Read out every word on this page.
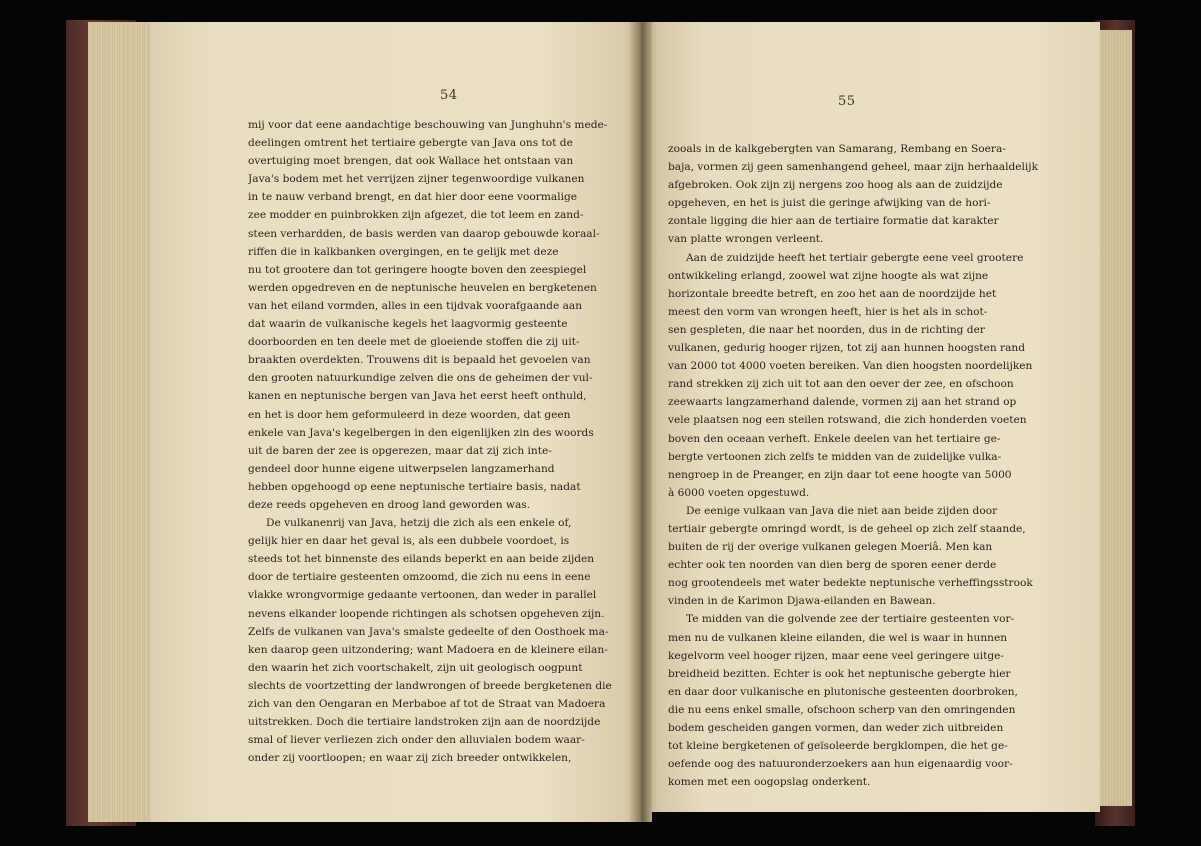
54
mij voor dat eene aandachtige beschouwing van Junghuhn's mede-
deelingen omtrent het tertiaire gebergte van Java ons tot de
overtuiging moet brengen, dat ook Wallace het ontstaan van
Java's bodem met het verrijzen zijner tegenwoordige vulkanen
in te nauw verband brengt, en dat hier door eene voormalige
zee modder en puinbrokken zijn afgezet, die tot leem en zand-
steen verhardden, de basis werden van daarop gebouwde koraal-
riffen die in kalkbanken overgingen, en te gelijk met deze
nu tot grootere dan tot geringere hoogte boven den zeespiegel
werden opgedreven en de neptunische heuvelen en bergketenen
van het eiland vormden, alles in een tijdvak voorafgaande aan
dat waarin de vulkanische kegels het laagvormig gesteente
doorboorden en ten deele met de gloeiende stoffen die zij uit-
braakten overdekten. Trouwens dit is bepaald het gevoelen van
den grooten natuurkundige zelven die ons de geheimen der vul-
kanen en neptunische bergen van Java het eerst heeft onthuld,
en het is door hem geformuleerd in deze woorden, dat geen
enkele van Java's kegelbergen in den eigenlijken zin des woords
uit de baren der zee is opgerezen, maar dat zij zich inte-
gendeel door hunne eigene uitwerpselen langzamerhand
hebben opgehoogd op eene neptunische tertiaire basis, nadat
deze reeds opgeheven en droog land geworden was.
De vulkanenrij van Java, hetzij die zich als een enkele of,
gelijk hier en daar het geval is, als een dubbele voordoet, is
steeds tot het binnenste des eilands beperkt en aan beide zijden
door de tertiaire gesteenten omzoomd, die zich nu eens in eene
vlakke wrongvormige gedaante vertoonen, dan weder in parallel
nevens elkander loopende richtingen als schotsen opgeheven zijn.
Zelfs de vulkanen van Java's smalste gedeelte of den Oosthoek ma-
ken daarop geen uitzondering; want Madoera en de kleinere eilan-
den waarin het zich voortschakelt, zijn uit geologisch oogpunt
slechts de voortzetting der landwrongen of breede bergketenen die
zich van den Oengaran en Merbaboe af tot de Straat van Madoera
uitstrekken. Doch die tertiaire landstroken zijn aan de noordzijde
smal of liever verliezen zich onder den alluvialen bodem waar-
onder zij voortloopen; en waar zij zich breeder ontwikkelen,
55
zooals in de kalkgebergten van Samarang, Rembang en Soera-
baja, vormen zij geen samenhangend geheel, maar zijn herhaaldelijk
afgebroken. Ook zijn zij nergens zoo hoog als aan de zuidzijde
opgeheven, en het is juist die geringe afwijking van de hori-
zontale ligging die hier aan de tertiaire formatie dat karakter
van platte wrongen verleent.
Aan de zuidzijde heeft het tertiair gebergte eene veel grootere
ontwikkeling erlangd, zoowel wat zijne hoogte als wat zijne
horizontale breedte betreft, en zoo het aan de noordzijde het
meest den vorm van wrongen heeft, hier is het als in schot-
sen gespleten, die naar het noorden, dus in de richting der
vulkanen, gedurig hooger rijzen, tot zij aan hunnen hoogsten rand
van 2000 tot 4000 voeten bereiken. Van dien hoogsten noordelijken
rand strekken zij zich uit tot aan den oever der zee, en ofschoon
zeewaarts langzamerhand dalende, vormen zij aan het strand op
vele plaatsen nog een steilen rotswand, die zich honderden voeten
boven den oceaan verheft. Enkele deelen van het tertiaire ge-
bergte vertoonen zich zelfs te midden van de zuidelijke vulka-
nengroep in de Preanger, en zijn daar tot eene hoogte van 5000
à 6000 voeten opgestuwd.
De eenige vulkaan van Java die niet aan beide zijden door
tertiair gebergte omringd wordt, is de geheel op zich zelf staande,
buiten de rij der overige vulkanen gelegen Moeriâ. Men kan
echter ook ten noorden van dien berg de sporen eener derde
nog grootendeels met water bedekte neptunische verheffingsstrook
vinden in de Karimon Djawa-eilanden en Bawean.
Te midden van die golvende zee der tertiaire gesteenten vor-
men nu de vulkanen kleine eilanden, die wel is waar in hunnen
kegelvorm veel hooger rijzen, maar eene veel geringere uitge-
breidheid bezitten. Echter is ook het neptunische gebergte hier
en daar door vulkanische en plutonische gesteenten doorbroken,
die nu eens enkel smalle, ofschoon scherp van den omringenden
bodem gescheiden gangen vormen, dan weder zich uitbreiden
tot kleine bergketenen of geïsoleerde bergklompen, die het ge-
oefende oog des natuuronderzoekers aan hun eigenaardig voor-
komen met een oogopslag onderkent.
